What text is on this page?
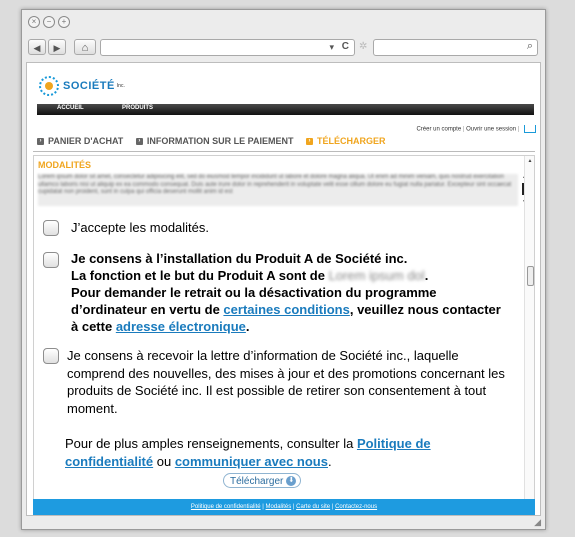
×	−	+
◀	▶	⌂	▾ C ✲	⌕
SOCIÉTÉ Inc.
ACCUEIL	PRODUITS
Créer un compte | Ouvrir une session |
› PANIER D'ACHAT	› INFORMATION SUR LE PAIEMENT	› TÉLÉCHARGER
MODALITÉS
Lorem ipsum dolor sit amet, consectetur adipisicing elit, sed do eiusmod tempor incididunt ut labore et dolore magna aliqua. Ut enim ad minim veniam, quis nostrud exercitation ullamco laboris nisi ut aliquip ex ea commodo consequat. Duis aute irure dolor in reprehenderit in voluptate velit esse cillum dolore eu fugiat nulla pariatur. Excepteur sint occaecat cupidatat non proident, sunt in culpa qui officia deserunt mollit anim id est
J’accepte les modalités.
Je consens à l’installation du Produit A de Société inc.
La fonction et le but du Produit A sont de Lorem ipsum dol.
Pour demander le retrait ou la désactivation du programme d’ordinateur en vertu de certaines conditions, veuillez nous contacter à cette adresse électronique.
Je consens à recevoir la lettre d’information de Société inc., laquelle comprend des nouvelles, des mises à jour et des promotions concernant les produits de Société inc. Il est possible de retirer son consentement à tout moment.
Pour de plus amples renseignements, consulter la Politique de confidentialité ou communiquer avec nous.
Télécharger ⬇
▲
Politique de confidentialité | Modalités | Carte du site | Contactez-nous
◢
